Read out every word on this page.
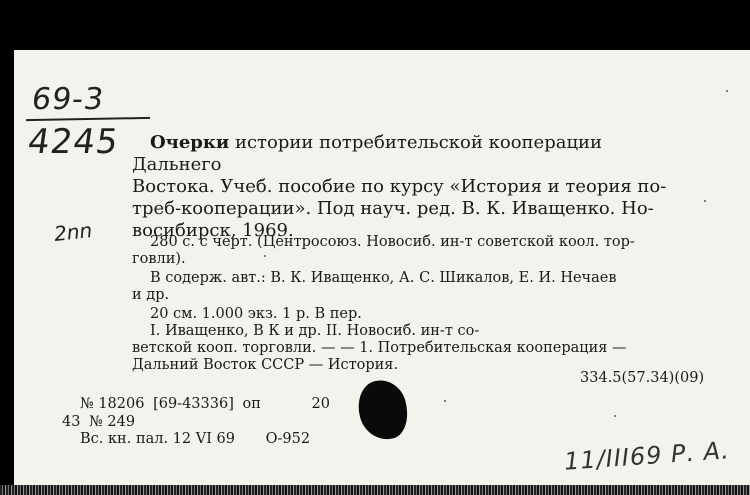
69-3
4245
2nn
Очерки истории потребительской кооперации Дальнего
Востока. Учеб. пособие по курсу «История и теория по-
треб-кооперации». Под науч. ред. В. К. Иващенко. Но-
восибирск, 1969.
280 с. с черт. (Центросоюз. Новосиб. ин-т советской коол. тор-
говли).
В содерж. авт.: В. К. Иващенко, А. С. Шикалов, Е. И. Нечаев
и др.
20 см. 1.000 экз. 1 р. В пер.
I. Иващенко, В К и др. II. Новосиб. ин-т со-
ветской кооп. торговли. — — 1. Потребительская кооперация —
Дальний Восток СССР — История.
334.5(57.34)(09)
№ 18206 [69-43336] оп	20
43 № 249
Вс. кн. пал. 12 VI 69 О-952	11/III69 Р. А.
